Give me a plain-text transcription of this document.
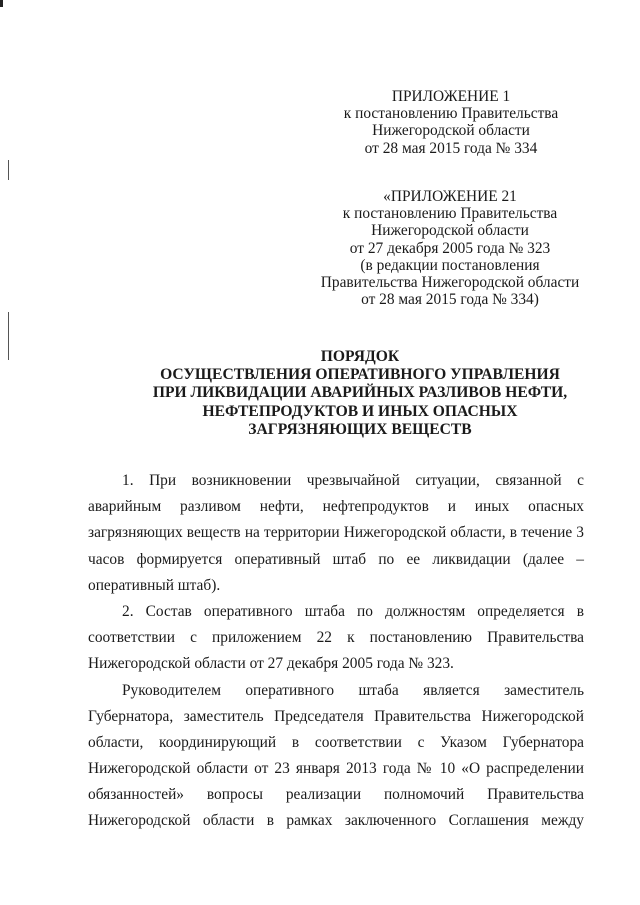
ПРИЛОЖЕНИЕ 1
к постановлению Правительства
Нижегородской области
от 28 мая 2015 года № 334
«ПРИЛОЖЕНИЕ 21
к постановлению Правительства
Нижегородской области
от 27 декабря 2005 года № 323
(в редакции постановления
Правительства Нижегородской области
от 28 мая 2015 года № 334)
ПОРЯДОК
ОСУЩЕСТВЛЕНИЯ ОПЕРАТИВНОГО УПРАВЛЕНИЯ
ПРИ ЛИКВИДАЦИИ АВАРИЙНЫХ РАЗЛИВОВ НЕФТИ,
НЕФТЕПРОДУКТОВ И ИНЫХ ОПАСНЫХ
ЗАГРЯЗНЯЮЩИХ ВЕЩЕСТВ
1. При возникновении чрезвычайной ситуации, связанной с
аварийным разливом нефти, нефтепродуктов и иных опасных
загрязняющих веществ на территории Нижегородской области, в течение 3
часов формируется оперативный штаб по ее ликвидации (далее –
оперативный штаб).
2. Состав оперативного штаба по должностям определяется в
соответствии с приложением 22 к постановлению Правительства
Нижегородской области от 27 декабря 2005 года № 323.
Руководителем оперативного штаба является заместитель
Губернатора, заместитель Председателя Правительства Нижегородской
области, координирующий в соответствии с Указом Губернатора
Нижегородской области от 23 января 2013 года № 10 «О распределении
обязанностей» вопросы реализации полномочий Правительства
Нижегородской области в рамках заключенного Соглашения между
